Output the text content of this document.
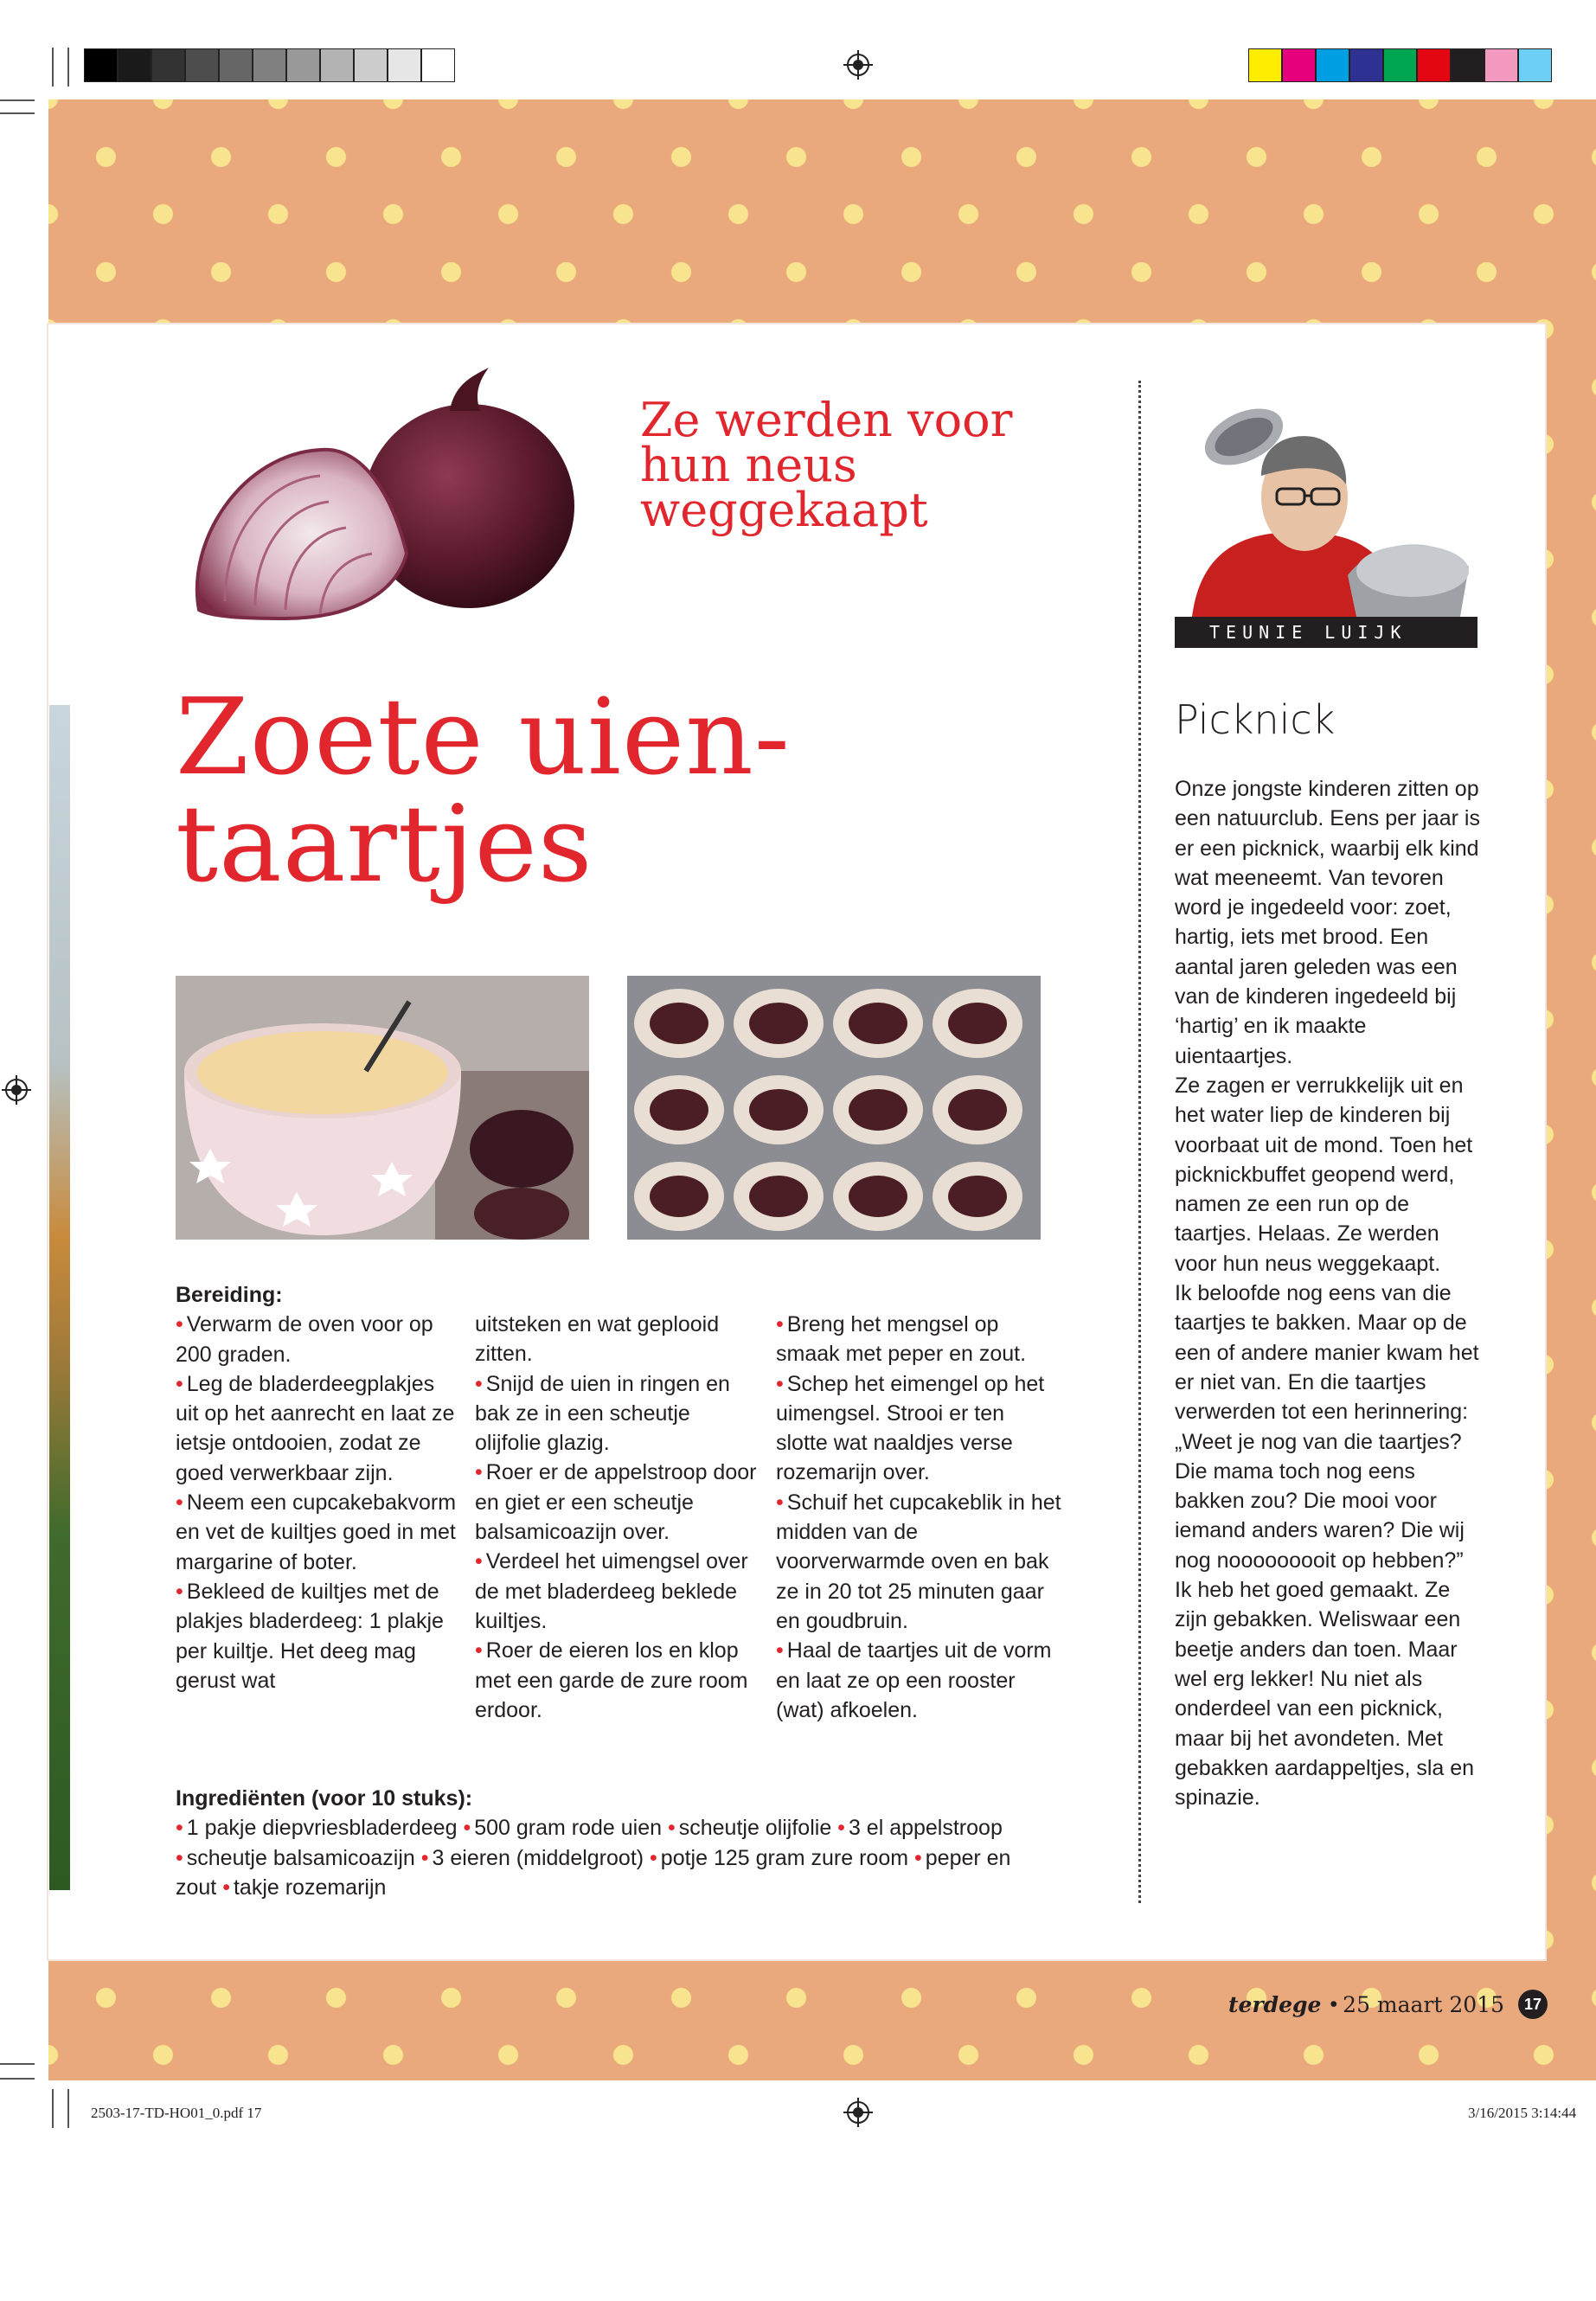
Ze werden voor hun neus weggekaapt
Zoete uien-
taartjes

Bereiding:

• Verwarm de oven voor op 200 graden.

• Leg de bladerdeegplakjes uit op het aanrecht en laat ze ietsje ontdooien, zodat ze goed verwerkbaar zijn.

• Neem een cupcakebakvorm en vet de kuiltjes goed in met margarine of boter.

• Bekleed de kuiltjes met de plakjes bladerdeeg: 1 plakje per kuiltje. Het deeg mag gerust wat

uitsteken en wat geplooid zitten.

• Snijd de uien in ringen en bak ze in een scheutje olijfolie glazig.

• Roer er de appelstroop door en giet er een scheutje balsamicoazijn over.

• Verdeel het uimengsel over de met bladerdeeg beklede kuiltjes.

• Roer de eieren los en klop met een garde de zure room erdoor.

• Breng het mengsel op smaak met peper en zout.

• Schep het eimengel op het uimengsel. Strooi er ten slotte wat naaldjes verse rozemarijn over.

• Schuif het cupcakeblik in het midden van de voorverwarmde oven en bak ze in 20 tot 25 minuten gaar en goudbruin.

• Haal de taartjes uit de vorm en laat ze op een rooster (wat) afkoelen.

Ingrediënten (voor 10 stuks):

• 1 pakje diepvriesbladerdeeg • 500 gram rode uien • scheutje olijfolie • 3 el appelstroop • scheutje balsamicoazijn • 3 eieren (middelgroot) • potje 125 gram zure room • peper en zout • takje rozemarijn

TEUNIE LUIJK
Picknick

Onze jongste kinderen zitten op een natuurclub. Eens per jaar is er een picknick, waarbij elk kind wat meeneemt. Van tevoren word je ingedeeld voor: zoet, hartig, iets met brood. Een aantal jaren geleden was een van de kinderen ingedeeld bij ‘hartig’ en ik maakte uientaartjes.

Ze zagen er verrukkelijk uit en het water liep de kinderen bij voorbaat uit de mond. Toen het picknickbuffet geopend werd, namen ze een run op de taartjes. Helaas. Ze werden voor hun neus weggekaapt.

Ik beloofde nog eens van die taartjes te bakken. Maar op de een of andere manier kwam het er niet van. En die taartjes verwerden tot een herinnering: „Weet je nog van die taartjes? Die mama toch nog eens bakken zou? Die mooi voor iemand anders waren? Die wij nog nooooooooit op hebben?”

Ik heb het goed gemaakt. Ze zijn gebakken. Weliswaar een beetje anders dan toen. Maar wel erg lekker! Nu niet als onderdeel van een picknick, maar bij het avondeten. Met gebakken aardappeltjes, sla en spinazie.

terdege • 25 maart 2015	17
2503-17-TD-HO01_0.pdf 17	3/16/2015 3:14:44
